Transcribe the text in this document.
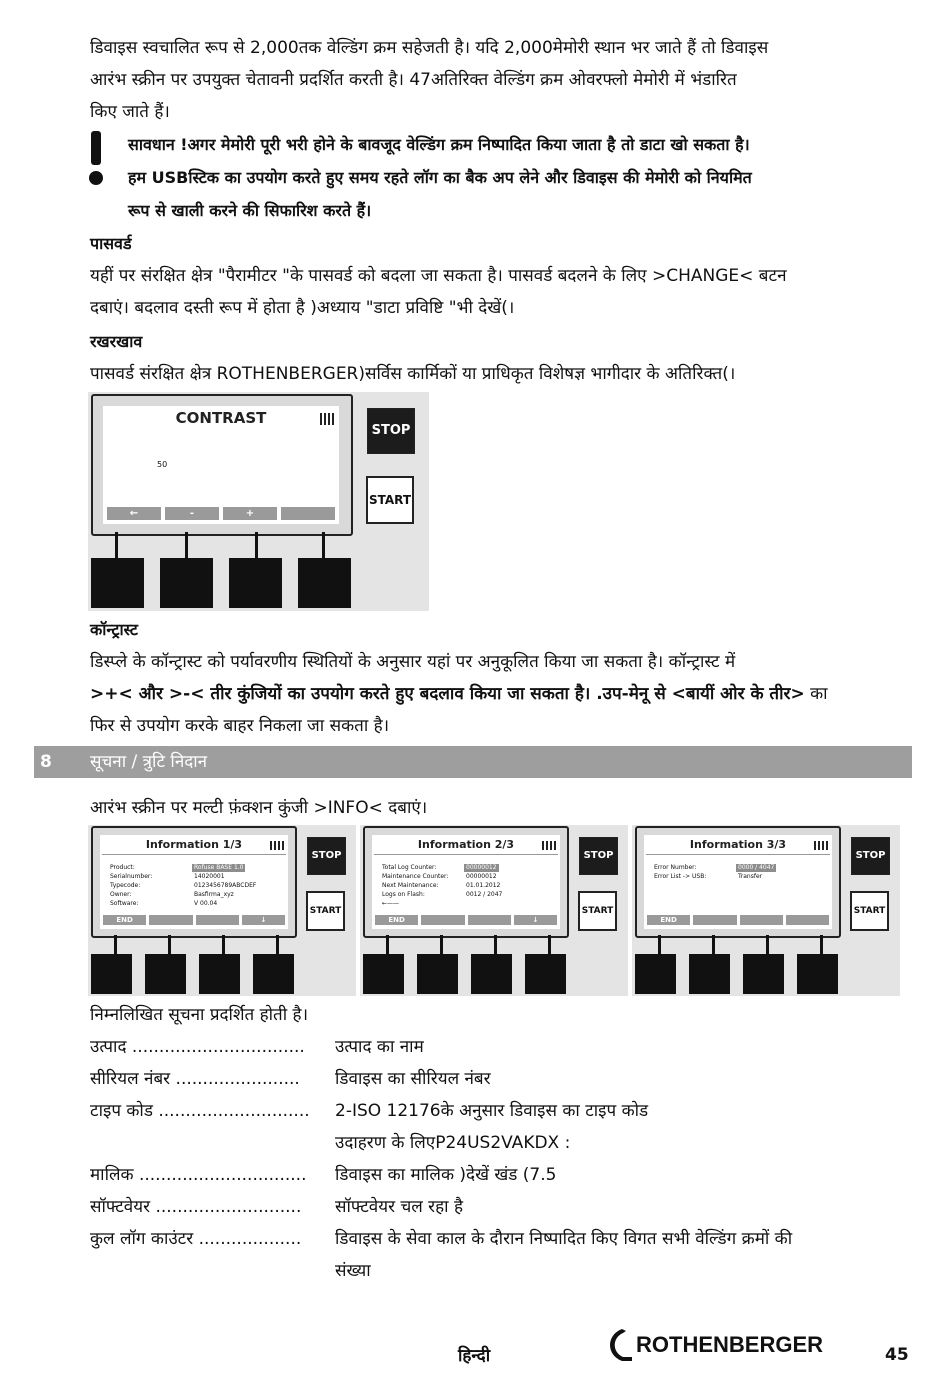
डिवाइस स्वचालित रूप से 2,000तक वेल्डिंग क्रम सहेजती है। यदि 2,000मेमोरी स्थान भर जाते हैं तो डिवाइस
आरंभ स्क्रीन पर उपयुक्त चेतावनी प्रदर्शित करती है। 47अतिरिक्त वेल्डिंग क्रम ओवरफ्लो मेमोरी में भंडारित
किए जाते हैं।
सावधान !अगर मेमोरी पूरी भरी होने के बावजूद वेल्डिंग क्रम निष्पादित किया जाता है तो डाटा खो सकता है।
हम USBस्टिक का उपयोग करते हुए समय रहते लॉग का बैक अप लेने और डिवाइस की मेमोरी को नियमित
रूप से खाली करने की सिफारिश करते हैं।
पासवर्ड
यहीं पर संरक्षित क्षेत्र "पैरामीटर "के पासवर्ड को बदला जा सकता है। पासवर्ड बदलने के लिए >CHANGE< बटन
दबाएं। बदलाव दस्ती रूप में होता है )अध्याय "डाटा प्रविष्टि "भी देखें(।
रखरखाव
पासवर्ड संरक्षित क्षेत्र ROTHENBERGER)सर्विस कार्मिकों या प्राधिकृत विशेषज्ञ भागीदार के अतिरिक्त(।
CONTRAST
50
←	-	+
STOP
START
कॉन्ट्रास्ट
डिस्प्ले के कॉन्ट्रास्ट को पर्यावरणीय स्थितियों के अनुसार यहां पर अनुकूलित किया जा सकता है। कॉन्ट्रास्ट में
>+< और >-< तीर कुंजियों का उपयोग करते हुए बदलाव किया जा सकता है। .उप-मेनू से <बायीं ओर के तीर> का
फिर से उपयोग करके बाहर निकला जा सकता है।
8 सूचना / त्रुटि निदान
आरंभ स्क्रीन पर मल्टी फ़ंक्शन कुंजी >INFO< दबाएं।
Information 1/3
Product:	Rofuse BASE 1.0
Serialnumber:	14020001
Typecode:	0123456789ABCDEF
Owner:	Basfirma_xyz
Software:	V 00.04
END	↓
STOP
START
Information 2/3
Total Log Counter:	00000012
Maintenance Counter:	00000012
Next Maintenance:	01.01.2012
Logs on Flash:	0012 / 2047
←——
END	↓
STOP
START
Information 3/3
Error Number:	0000 / 4047
Error List -> USB:	Transfer
END
STOP
START
निम्नलिखित सूचना प्रदर्शित होती है।
उत्पाद ................................ उत्पाद का नाम
सीरियल नंबर ....................... डिवाइस का सीरियल नंबर
टाइप कोड ............................ 2-ISO 12176के अनुसार डिवाइस का टाइप कोड
उदाहरण के लिएP24US2VAKDX :
मालिक ............................... डिवाइस का मालिक )देखें खंड (7.5
सॉफ्टवेयर ........................... सॉफ्टवेयर चल रहा है
कुल लॉग काउंटर ................... डिवाइस के सेवा काल के दौरान निष्पादित किए विगत सभी वेल्डिंग क्रमों की
संख्या
हिन्दी	ROTHENBERGER	45
